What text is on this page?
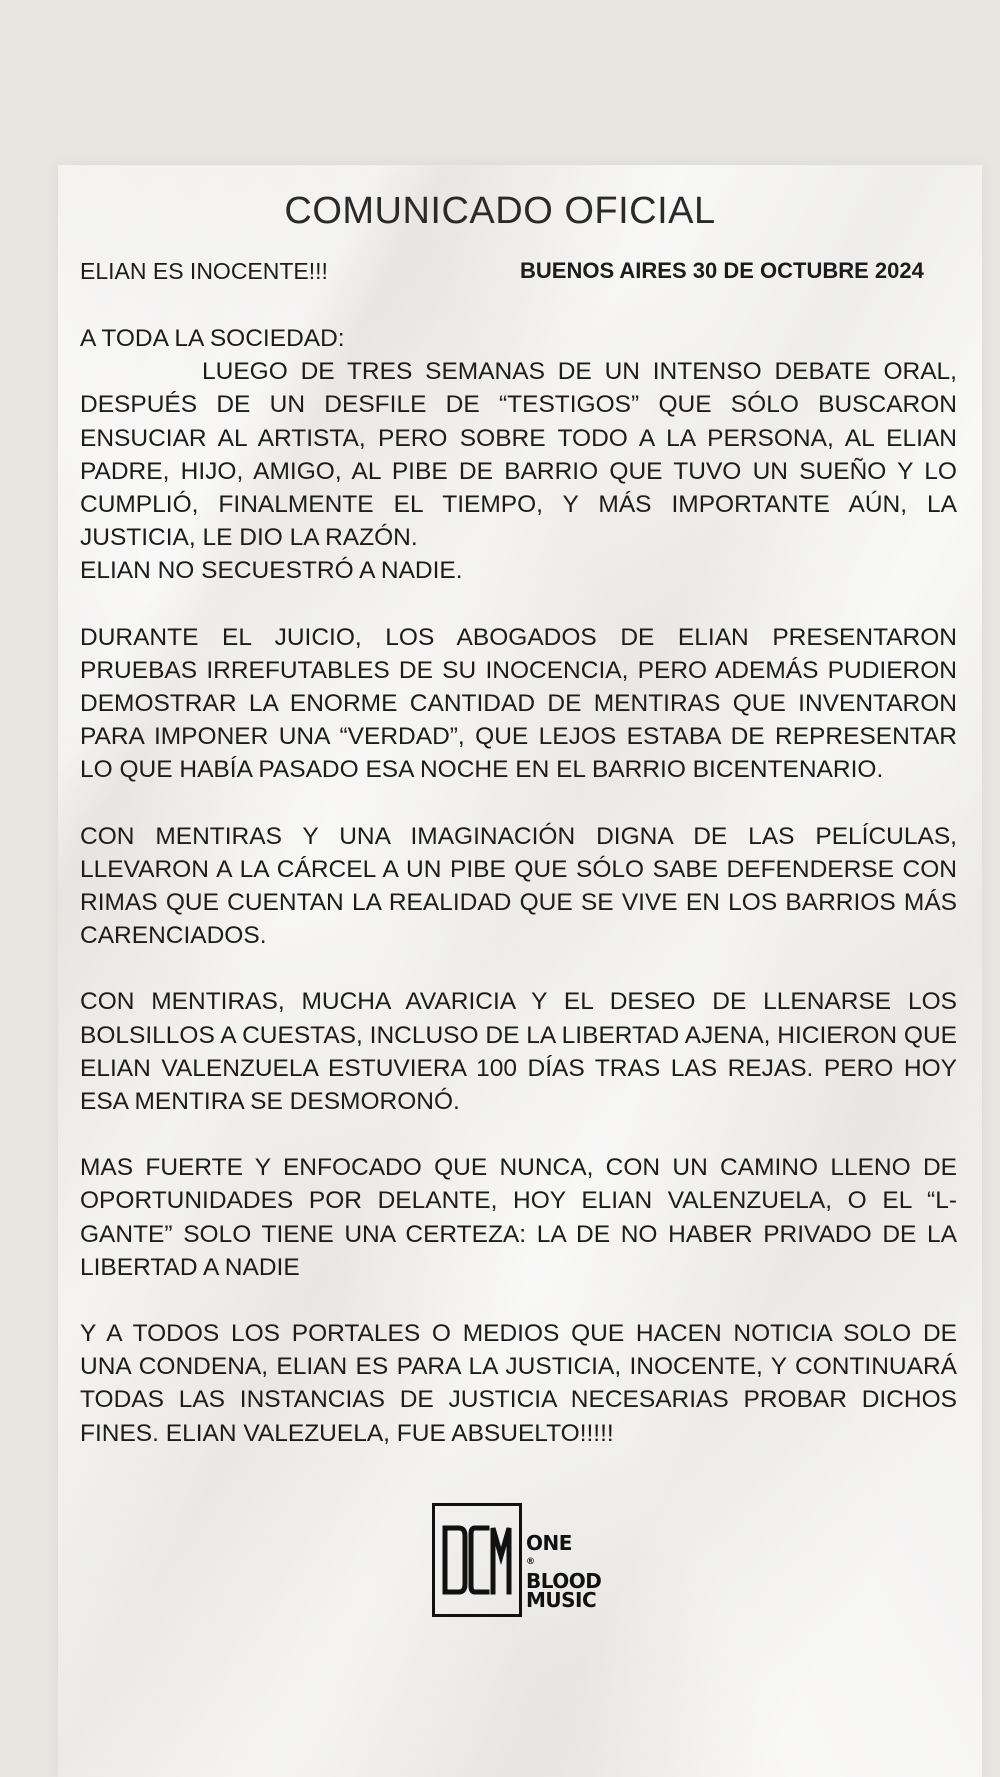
COMUNICADO OFICIAL
ELIAN ES INOCENTE!!!	BUENOS AIRES 30 DE OCTUBRE 2024

A TODA LA SOCIEDAD:

LUEGO DE TRES SEMANAS DE UN INTENSO DEBATE ORAL, DESPUÉS DE UN DESFILE DE “TESTIGOS” QUE SÓLO BUSCARON ENSUCIAR AL ARTISTA, PERO SOBRE TODO A LA PERSONA, AL ELIAN PADRE, HIJO, AMIGO, AL PIBE DE BARRIO QUE TUVO UN SUEÑO Y LO CUMPLIÓ, FINALMENTE EL TIEMPO, Y MÁS IMPORTANTE AÚN, LA JUSTICIA, LE DIO LA RAZÓN.

ELIAN NO SECUESTRÓ A NADIE.

DURANTE EL JUICIO, LOS ABOGADOS DE ELIAN PRESENTARON PRUEBAS IRREFUTABLES DE SU INOCENCIA, PERO ADEMÁS PUDIERON DEMOSTRAR LA ENORME CANTIDAD DE MENTIRAS QUE INVENTARON PARA IMPONER UNA “VERDAD”, QUE LEJOS ESTABA DE REPRESENTAR LO QUE HABÍA PASADO ESA NOCHE EN EL BARRIO BICENTENARIO.

CON MENTIRAS Y UNA IMAGINACIÓN DIGNA DE LAS PELÍCULAS, LLEVARON A LA CÁRCEL A UN PIBE QUE SÓLO SABE DEFENDERSE CON RIMAS QUE CUENTAN LA REALIDAD QUE SE VIVE EN LOS BARRIOS MÁS CARENCIADOS.

CON MENTIRAS, MUCHA AVARICIA Y EL DESEO DE LLENARSE LOS BOLSILLOS A CUESTAS, INCLUSO DE LA LIBERTAD AJENA, HICIERON QUE ELIAN VALENZUELA ESTUVIERA 100 DÍAS TRAS LAS REJAS. PERO HOY ESA MENTIRA SE DESMORONÓ.

MAS FUERTE Y ENFOCADO QUE NUNCA, CON UN CAMINO LLENO DE OPORTUNIDADES POR DELANTE, HOY ELIAN VALENZUELA, O EL “L-GANTE” SOLO TIENE UNA CERTEZA: LA DE NO HABER PRIVADO DE LA LIBERTAD A NADIE

Y A TODOS LOS PORTALES O MEDIOS QUE HACEN NOTICIA SOLO DE UNA CONDENA, ELIAN ES PARA LA JUSTICIA, INOCENTE, Y CONTINUARÁ TODAS LAS INSTANCIAS DE JUSTICIA NECESARIAS PROBAR DICHOS FINES. ELIAN VALEZUELA, FUE ABSUELTO!!!!!

ONE
®
BLOOD
MUSIC
